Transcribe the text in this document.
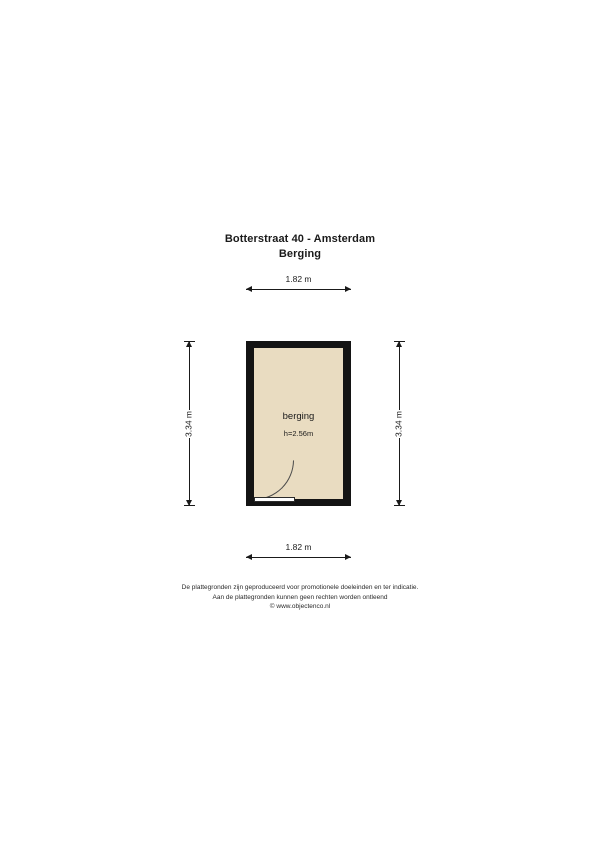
Botterstraat 40 - Amsterdam
Berging
1.82 m
3.34 m	3.34 m
berging
h=2.56m
1.82 m
De plattegronden zijn geproduceerd voor promotionele doeleinden en ter indicatie.
Aan de plattegronden kunnen geen rechten worden ontleend
© www.objectenco.nl
